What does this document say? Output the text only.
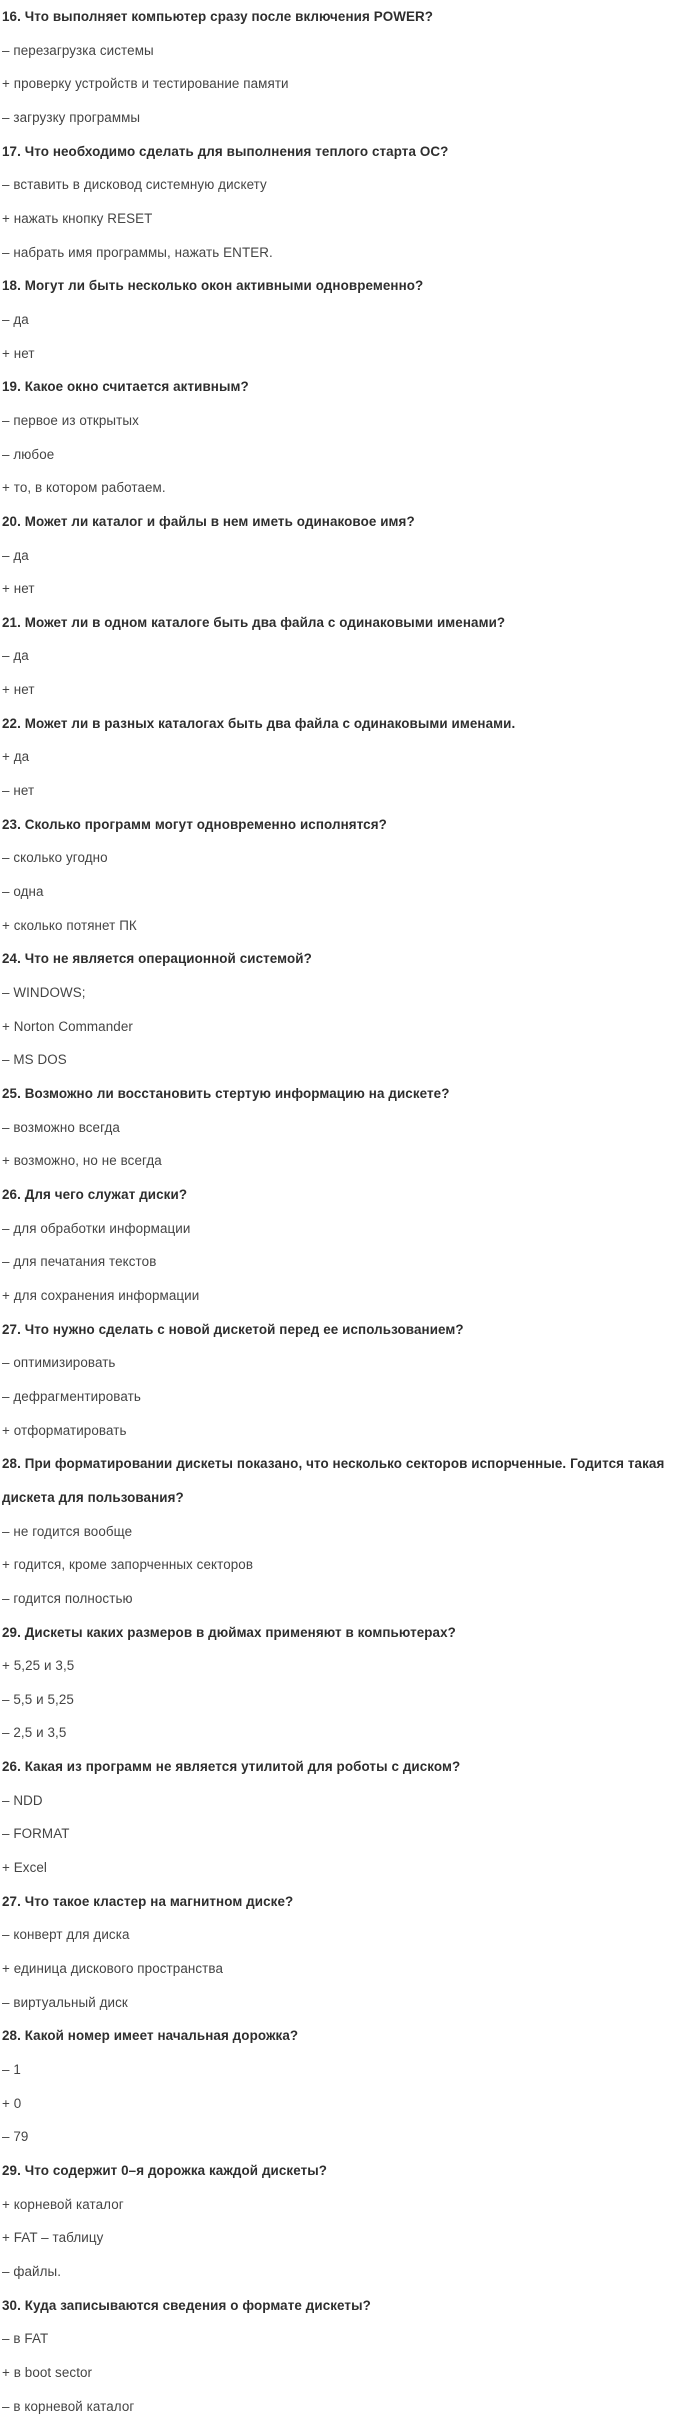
16. Что выполняет компьютер сразу после включения POWER?

– перезагрузка системы

+ проверку устройств и тестирование памяти

– загрузку программы

17. Что необходимо сделать для выполнения теплого старта OC?

– вставить в дисковод системную дискету

+ нажать кнопку RESET

– набрать имя программы, нажать ENTER.

18. Могут ли быть несколько окон активными одновременно?

– да

+ нет

19. Какое окно считается активным?

– первое из открытых

– любое

+ то, в котором работаем.

20. Может ли каталог и файлы в нем иметь одинаковое имя?

– да

+ нет

21. Может ли в одном каталоге быть два файла с одинаковыми именами?

– да

+ нет

22. Может ли в разных каталогах быть два файла с одинаковыми именами.

+ да

– нет

23. Сколько программ могут одновременно исполнятся?

– сколько угодно

– одна

+ сколько потянет ПК

24. Что не является операционной системой?

– WINDOWS;

+ Norton Commander

– MS DOS

25. Возможно ли восстановить стертую информацию на дискете?

– возможно всегда

+ возможно, но не всегда

26. Для чего служат диски?

– для обработки информации

– для печатания текстов

+ для сохранения информации

27. Что нужно сделать с новой дискетой перед ее использованием?

– оптимизировать

– дефрагментировать

+ отформатировать

28. При форматировании дискеты показано, что несколько секторов испорченные. Годится такая дискета для пользования?

– не годится вообще

+ годится, кроме запорченных секторов

– годится полностью

29. Дискеты каких размеров в дюймах применяют в компьютерах?

+ 5,25 и 3,5

– 5,5 и 5,25

– 2,5 и 3,5

26. Какая из программ не является утилитой для роботы с диском?

– NDD

– FORMAT

+ Excel

27. Что такое кластер на магнитном диске?

– конверт для диска

+ единица дискового пространства

– виртуальный диск

28. Какой номер имеет начальная дорожка?

– 1

+ 0

– 79

29. Что содержит 0–я дорожка каждой дискеты?

+ корневой каталог

+ FAT – таблицу

– файлы.

30. Куда записываются сведения о формате дискеты?

– в FAT

+ в boot sector

– в корневой каталог
